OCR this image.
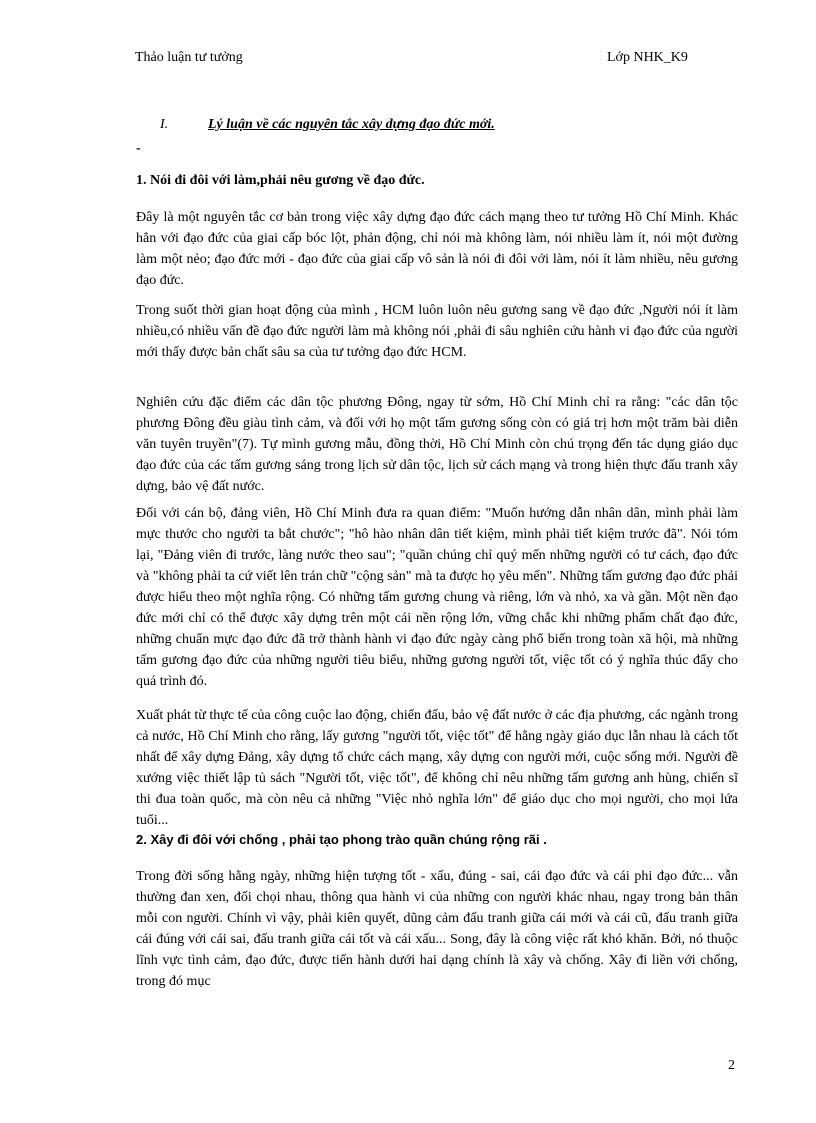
Thảo luận tư tưởng	Lớp NHK_K9
I.	Lý luận về các nguyên tắc xây dựng đạo đức mới.
-
1. Nói đi đôi với làm,phải nêu gương về đạo đức.
Đây là một nguyên tắc cơ bản trong việc xây dựng đạo đức cách mạng theo tư tưởng Hồ Chí Minh. Khác hẳn với đạo đức của giai cấp bóc lột, phản động, chỉ nói mà không làm, nói nhiều làm ít, nói một đường làm một nẻo; đạo đức mới - đạo đức của giai cấp vô sản là nói đi đôi với làm, nói ít làm nhiều, nêu gương đạo đức.
Trong suốt thời gian hoạt động của mình , HCM luôn luôn nêu gương sang về đạo đức ,Người nói ít làm nhiều,có nhiều vấn đề đạo đức người làm mà không nói ,phải đi sâu nghiên cứu hành vi đạo đức của người mới thấy được bản chất sâu sa của tư tưởng đạo đức HCM.
Nghiên cứu đặc điểm các dân tộc phương Đông, ngay từ sớm, Hồ Chí Minh chỉ ra rằng: "các dân tộc phương Đông đều giàu tình cảm, và đối với họ một tấm gương sống còn có giá trị hơn một trăm bài diễn văn tuyên truyền"(7). Tự mình gương mẫu, đồng thời, Hồ Chí Minh còn chú trọng đến tác dụng giáo dục đạo đức của các tấm gương sáng trong lịch sử dân tộc, lịch sử cách mạng và trong hiện thực đấu tranh xây dựng, bảo vệ đất nước.
Đối với cán bộ, đảng viên, Hồ Chí Minh đưa ra quan điểm: "Muốn hướng dẫn nhân dân, mình phải làm mực thước cho người ta bắt chước"; "hô hào nhân dân tiết kiệm, mình phải tiết kiệm trước đã". Nói tóm lại, "Đảng viên đi trước, làng nước theo sau"; "quần chúng chỉ quý mến những người có tư cách, đạo đức và "không phải ta cứ viết lên trán chữ "cộng sản" mà ta được họ yêu mến". Những tấm gương đạo đức phải được hiểu theo một nghĩa rộng. Có những tấm gương chung và riêng, lớn và nhỏ, xa và gần. Một nền đạo đức mới chỉ có thể được xây dựng trên một cái nền rộng lớn, vững chắc khi những phẩm chất đạo đức, những chuẩn mực đạo đức đã trở thành hành vi đạo đức ngày càng phổ biến trong toàn xã hội, mà những tấm gương đạo đức của những người tiêu biểu, những gương người tốt, việc tốt có ý nghĩa thúc đẩy cho quá trình đó.
Xuất phát từ thực tế của công cuộc lao động, chiến đấu, bảo vệ đất nước ở các địa phương, các ngành trong cả nước, Hồ Chí Minh cho rằng, lấy gương "người tốt, việc tốt" để hằng ngày giáo dục lẫn nhau là cách tốt nhất để xây dựng Đảng, xây dựng tổ chức cách mạng, xây dựng con người mới, cuộc sống mới. Người đề xướng việc thiết lập tủ sách "Người tốt, việc tốt", để không chỉ nêu những tấm gương anh hùng, chiến sĩ thi đua toàn quốc, mà còn nêu cả những "Việc nhỏ nghĩa lớn" để giáo dục cho mọi người, cho mọi lứa tuổi...
2. Xây đi đôi với chống , phải tạo phong trào quần chúng rộng rãi .
Trong đời sống hằng ngày, những hiện tượng tốt - xấu, đúng - sai, cái đạo đức và cái phi đạo đức... vẫn thường đan xen, đối chọi nhau, thông qua hành vi của những con người khác nhau, ngay trong bản thân mỗi con người. Chính vì vậy, phải kiên quyết, dũng cảm đấu tranh giữa cái mới và cái cũ, đấu tranh giữa cái đúng với cái sai, đấu tranh giữa cái tốt và cái xấu... Song, đây là công việc rất khó khăn. Bởi, nó thuộc lĩnh vực tình cảm, đạo đức, được tiến hành dưới hai dạng chính là xây và chống. Xây đi liền với chống, trong đó mục
2
